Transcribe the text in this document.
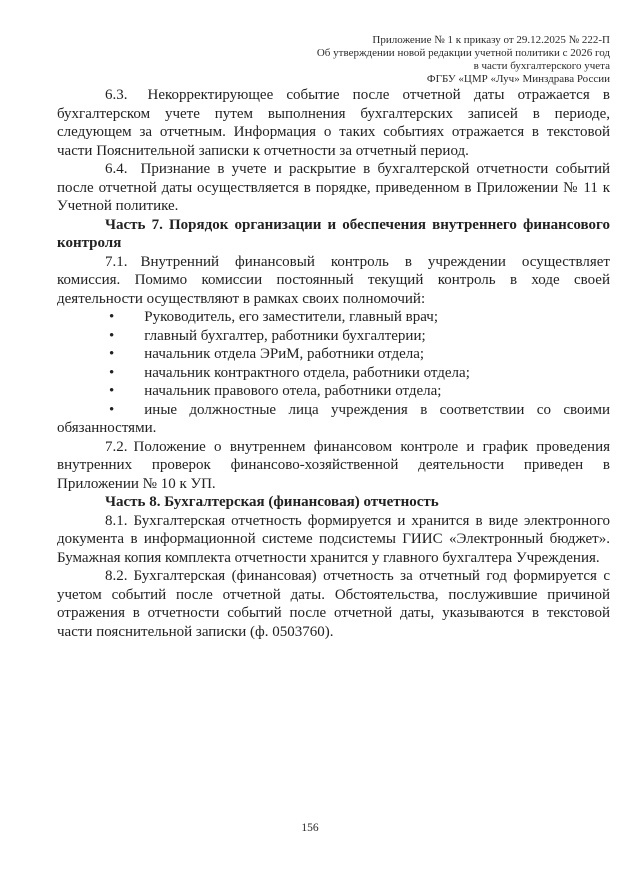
Приложение № 1 к приказу от 29.12.2025 № 222-П
Об утверждении новой редакции учетной политики с 2026 год
в части бухгалтерского учета
ФГБУ «ЦМР «Луч» Минздрава России

6.3. Некорректирующее событие после отчетной даты отражается в бухгалтерском учете путем выполнения бухгалтерских записей в периоде, следующем за отчетным. Информация о таких событиях отражается в текстовой части Пояснительной записки к отчетности за отчетный период.

6.4. Признание в учете и раскрытие в бухгалтерской отчетности событий после отчетной даты осуществляется в порядке, приведенном в Приложении № 11 к Учетной политике.

Часть 7. Порядок организации и обеспечения внутреннего финансового контроля

7.1. Внутренний финансовый контроль в учреждении осуществляет комиссия. Помимо комиссии постоянный текущий контроль в ходе своей деятельности осуществляют в рамках своих полномочий:

• Руководитель, его заместители, главный врач;

• главный бухгалтер, работники бухгалтерии;

• начальник отдела ЭРиМ, работники отдела;

• начальник контрактного отдела, работники отдела;

• начальник правового отела, работники отдела;

• иные должностные лица учреждения в соответствии со своими обязанностями.

7.2. Положение о внутреннем финансовом контроле и график проведения внутренних проверок финансово-хозяйственной деятельности приведен в Приложении № 10 к УП.

Часть 8. Бухгалтерская (финансовая) отчетность

8.1. Бухгалтерская отчетность формируется и хранится в виде электронного документа в информационной системе подсистемы ГИИС «Электронный бюджет». Бумажная копия комплекта отчетности хранится у главного бухгалтера Учреждения.

8.2. Бухгалтерская (финансовая) отчетность за отчетный год формируется с учетом событий после отчетной даты. Обстоятельства, послужившие причиной отражения в отчетности событий после отчетной даты, указываются в текстовой части пояснительной записки (ф. 0503760).

156
